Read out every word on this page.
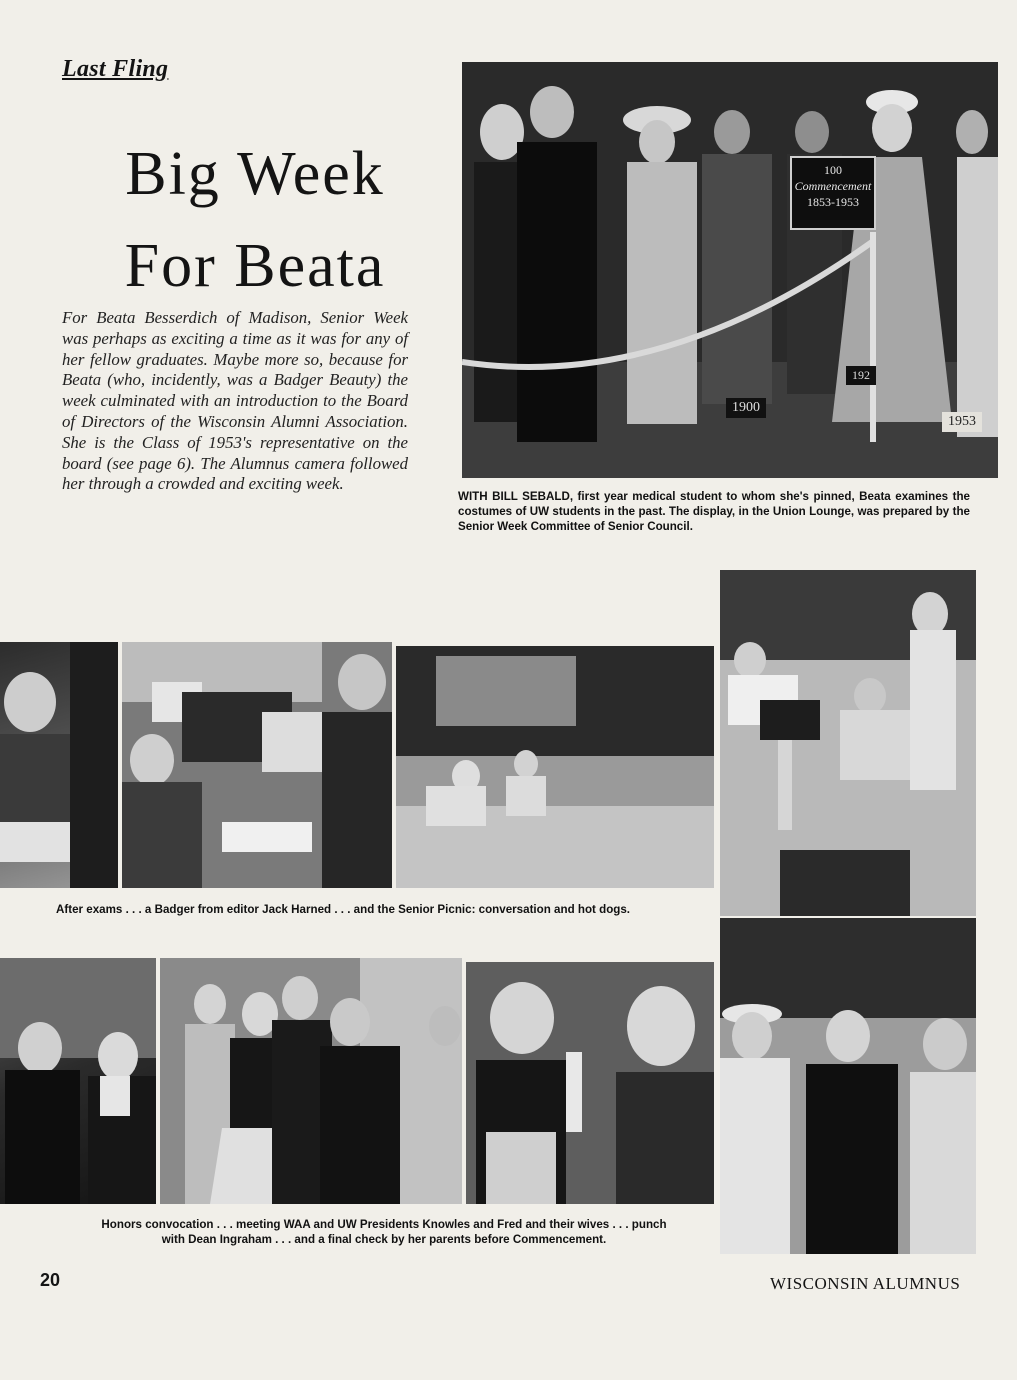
Last Fling
Big Week
For Beata
For Beata Besserdich of Madison, Senior Week was perhaps as exciting a time as it was for any of her fellow graduates. Maybe more so, because for Beata (who, incidently, was a Badger Beauty) the week culminated with an introduction to the Board of Directors of the Wisconsin Alumni Association. She is the Class of 1953's representative on the board (see page 6). The Alumnus camera followed her through a crowded and exciting week.
100
Commencement
1853-1953
1900
192
1953
WITH BILL SEBALD, first year medical student to whom she's pinned, Beata examines the costumes of UW students in the past. The display, in the Union Lounge, was prepared by the Senior Week Committee of Senior Council.
After exams . . . a Badger from editor Jack Harned . . . and the Senior Picnic: conversation and hot dogs.
Honors convocation . . . meeting WAA and UW Presidents Knowles and Fred and their wives . . . punch
with Dean Ingraham . . . and a final check by her parents before Commencement.
20	WISCONSIN ALUMNUS
